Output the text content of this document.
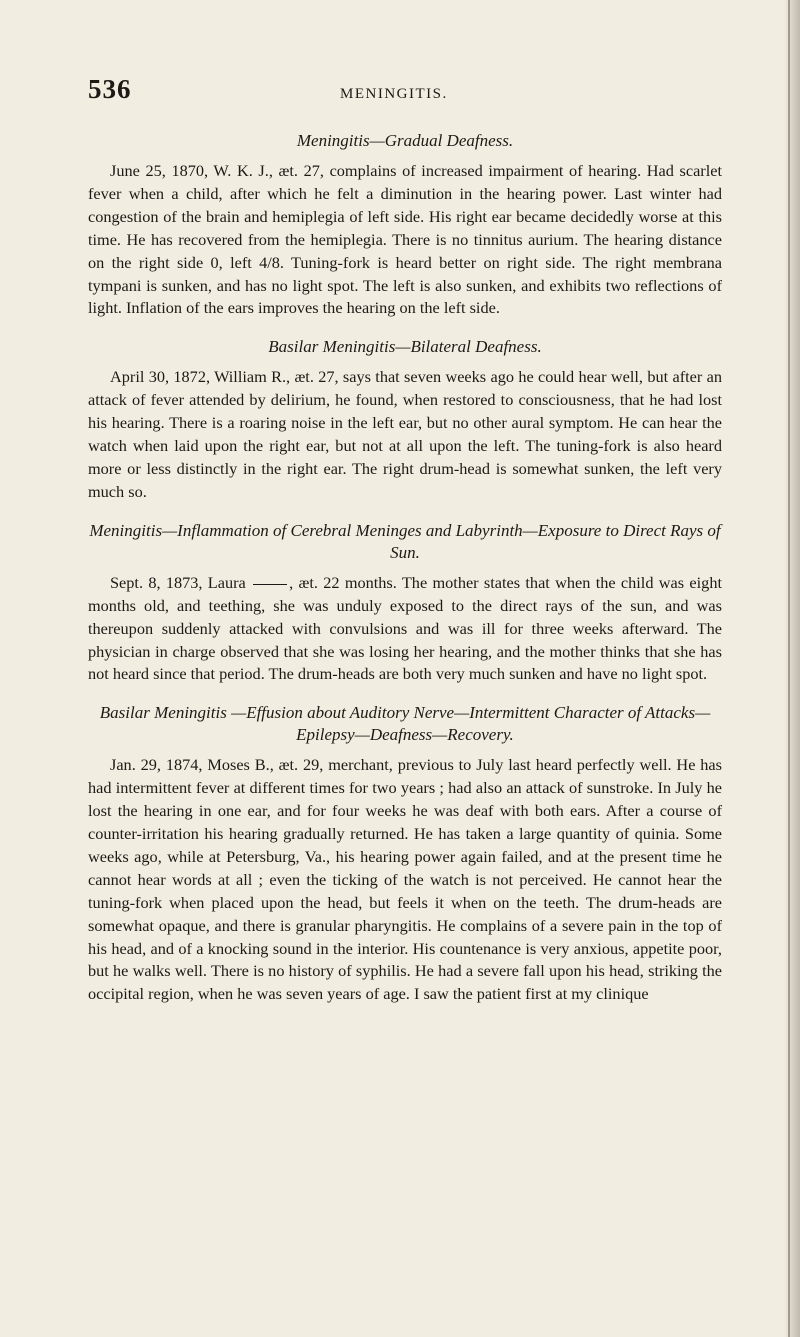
536	MENINGITIS.

Meningitis—Gradual Deafness.

June 25, 1870, W. K. J., æt. 27, complains of increased impairment of hearing. Had scarlet fever when a child, after which he felt a diminution in the hearing power. Last winter had congestion of the brain and hemiplegia of left side. His right ear became decidedly worse at this time. He has recovered from the hemiplegia. There is no tinnitus aurium. The hearing distance on the right side 0, left 4/8. Tuning-fork is heard better on right side. The right membrana tympani is sunken, and has no light spot. The left is also sunken, and exhibits two reflections of light. Inflation of the ears improves the hearing on the left side.

Basilar Meningitis—Bilateral Deafness.

April 30, 1872, William R., æt. 27, says that seven weeks ago he could hear well, but after an attack of fever attended by delirium, he found, when restored to consciousness, that he had lost his hearing. There is a roaring noise in the left ear, but no other aural symptom. He can hear the watch when laid upon the right ear, but not at all upon the left. The tuning-fork is also heard more or less distinctly in the right ear. The right drum-head is somewhat sunken, the left very much so.

Meningitis—Inflammation of Cerebral Meninges and Labyrinth—Exposure to Direct Rays of Sun.

Sept. 8, 1873, Laura , æt. 22 months. The mother states that when the child was eight months old, and teething, she was unduly exposed to the direct rays of the sun, and was thereupon suddenly attacked with convulsions and was ill for three weeks afterward. The physician in charge observed that she was losing her hearing, and the mother thinks that she has not heard since that period. The drum-heads are both very much sunken and have no light spot.

Basilar Meningitis —Effusion about Auditory Nerve—Intermittent Character of Attacks—Epilepsy—Deafness—Recovery.

Jan. 29, 1874, Moses B., æt. 29, merchant, previous to July last heard perfectly well. He has had intermittent fever at different times for two years ; had also an attack of sunstroke. In July he lost the hearing in one ear, and for four weeks he was deaf with both ears. After a course of counter-irritation his hearing gradually returned. He has taken a large quantity of quinia. Some weeks ago, while at Petersburg, Va., his hearing power again failed, and at the present time he cannot hear words at all ; even the ticking of the watch is not perceived. He cannot hear the tuning-fork when placed upon the head, but feels it when on the teeth. The drum-heads are somewhat opaque, and there is granular pharyngitis. He complains of a severe pain in the top of his head, and of a knocking sound in the interior. His countenance is very anxious, appetite poor, but he walks well. There is no history of syphilis. He had a severe fall upon his head, striking the occipital region, when he was seven years of age. I saw the patient first at my clinique
